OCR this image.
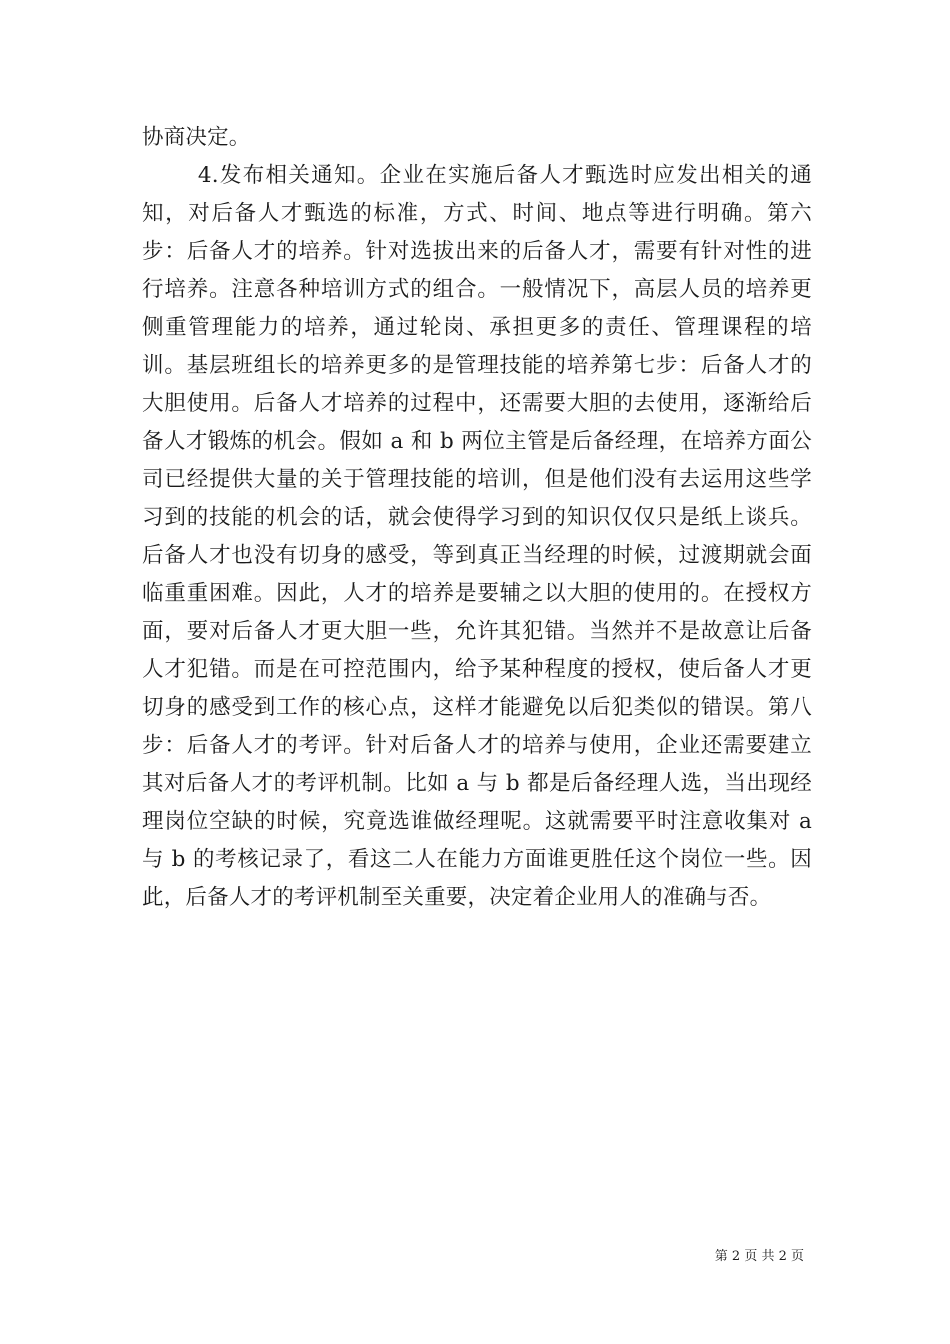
协商决定。

4.发布相关通知。企业在实施后备人才甄选时应发出相关的通知，对后备人才甄选的标准，方式、时间、地点等进行明确。第六步：后备人才的培养。针对选拔出来的后备人才，需要有针对性的进行培养。注意各种培训方式的组合。一般情况下，高层人员的培养更侧重管理能力的培养，通过轮岗、承担更多的责任、管理课程的培训。基层班组长的培养更多的是管理技能的培养第七步：后备人才的大胆使用。后备人才培养的过程中，还需要大胆的去使用，逐渐给后备人才锻炼的机会。假如 a 和 b 两位主管是后备经理，在培养方面公司已经提供大量的关于管理技能的培训，但是他们没有去运用这些学习到的技能的机会的话，就会使得学习到的知识仅仅只是纸上谈兵。后备人才也没有切身的感受，等到真正当经理的时候，过渡期就会面临重重困难。因此，人才的培养是要辅之以大胆的使用的。在授权方面，要对后备人才更大胆一些，允许其犯错。当然并不是故意让后备人才犯错。而是在可控范围内，给予某种程度的授权，使后备人才更切身的感受到工作的核心点，这样才能避免以后犯类似的错误。第八步：后备人才的考评。针对后备人才的培养与使用，企业还需要建立其对后备人才的考评机制。比如 a 与 b 都是后备经理人选，当出现经理岗位空缺的时候，究竟选谁做经理呢。这就需要平时注意收集对 a 与 b 的考核记录了，看这二人在能力方面谁更胜任这个岗位一些。因此，后备人才的考评机制至关重要，决定着企业用人的准确与否。

第 2 页 共 2 页
